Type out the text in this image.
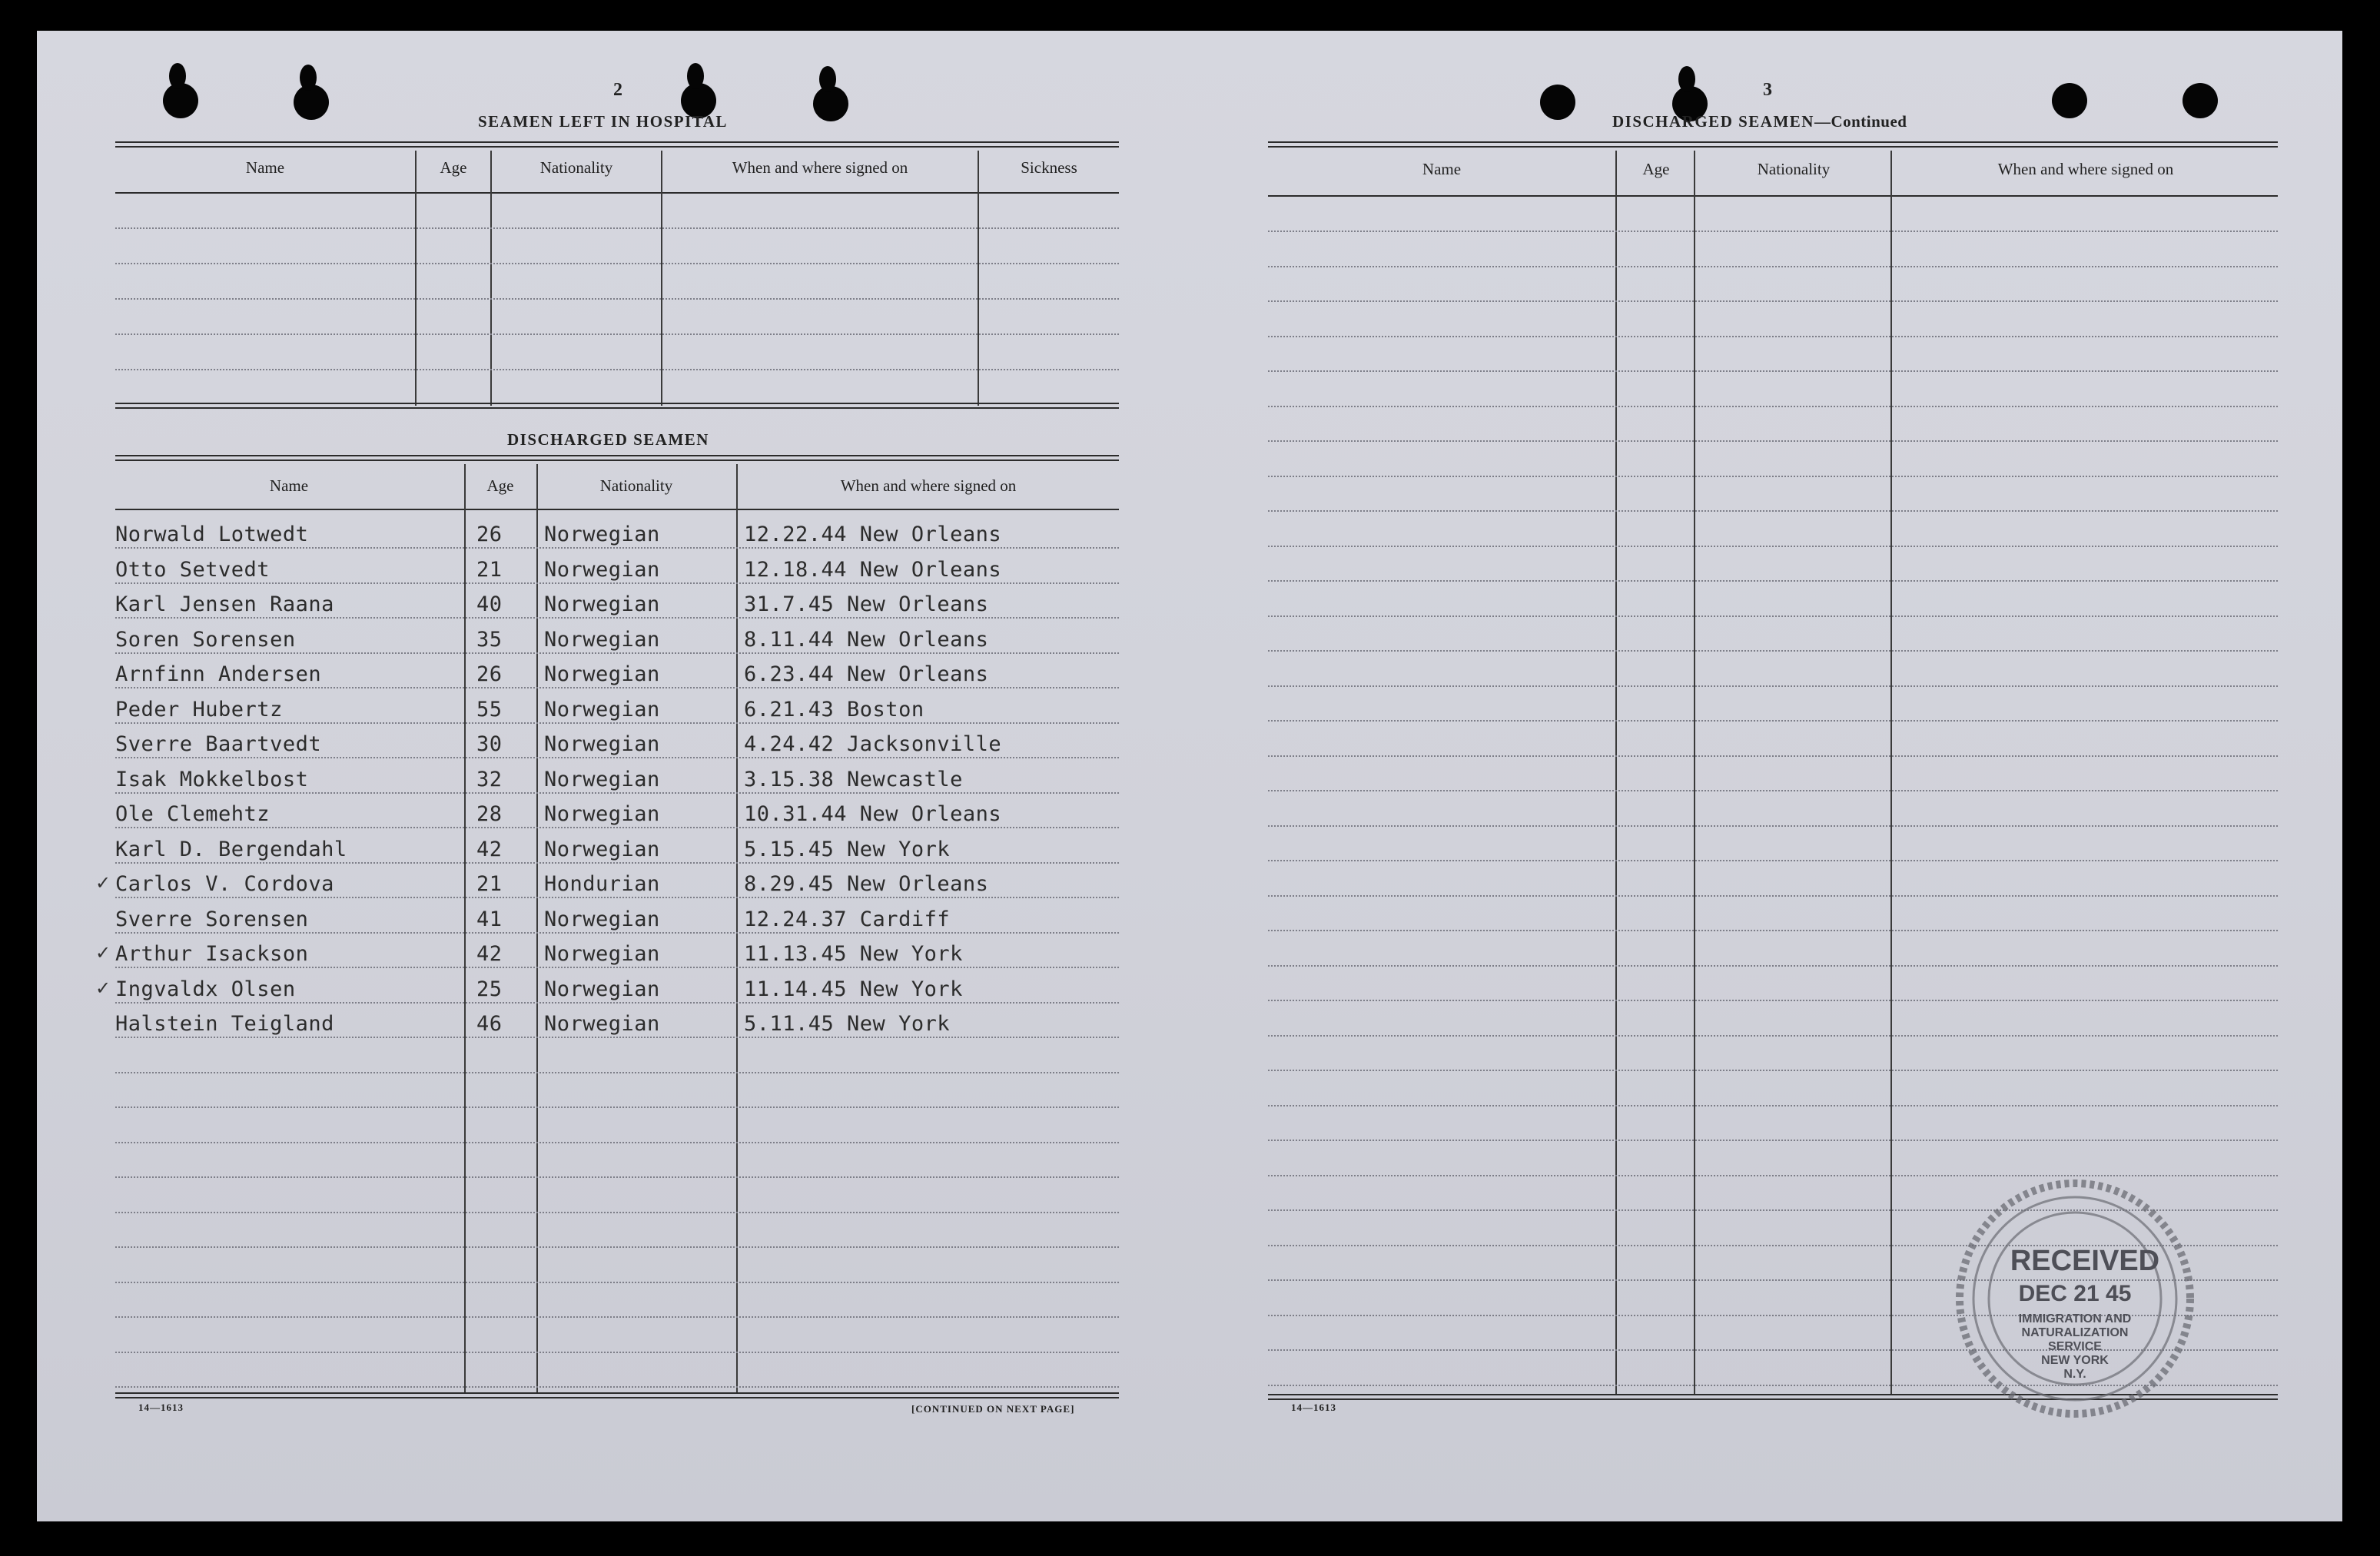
2
SEAMEN LEFT IN HOSPITAL
Name	Age	Nationality	When and where signed on	Sickness
DISCHARGED SEAMEN
Name	Age	Nationality	When and where signed on
Norwald Lotwedt	26 Norwegian	12.22.44 New Orleans
Otto Setvedt	21 Norwegian	12.18.44 New Orleans
Karl Jensen Raana	40 Norwegian	31.7.45 New Orleans
Soren Sorensen	35 Norwegian	8.11.44 New Orleans
Arnfinn Andersen	26 Norwegian	6.23.44 New Orleans
Peder Hubertz	55 Norwegian	6.21.43 Boston
Sverre Baartvedt	30 Norwegian	4.24.42 Jacksonville
Isak Mokkelbost	32 Norwegian	3.15.38 Newcastle
Ole Clemehtz	28 Norwegian	10.31.44 New Orleans
Karl D. Bergendahl	42 Norwegian	5.15.45 New York
✓ Carlos V. Cordova	21 Hondurian	8.29.45 New Orleans
Sverre Sorensen	41 Norwegian	12.24.37 Cardiff
✓ Arthur Isackson	42 Norwegian	11.13.45 New York
✓ Ingvaldx Olsen	25 Norwegian	11.14.45 New York
Halstein Teigland	46 Norwegian	5.11.45 New York
14—1613	[CONTINUED ON NEXT PAGE]
3
DISCHARGED SEAMEN—Continued
Name	Age	Nationality	When and where signed on
14—1613
RECEIVED
DEC 21 45
IMMIGRATION AND
NATURALIZATION
SERVICE
NEW YORK
N.Y.
